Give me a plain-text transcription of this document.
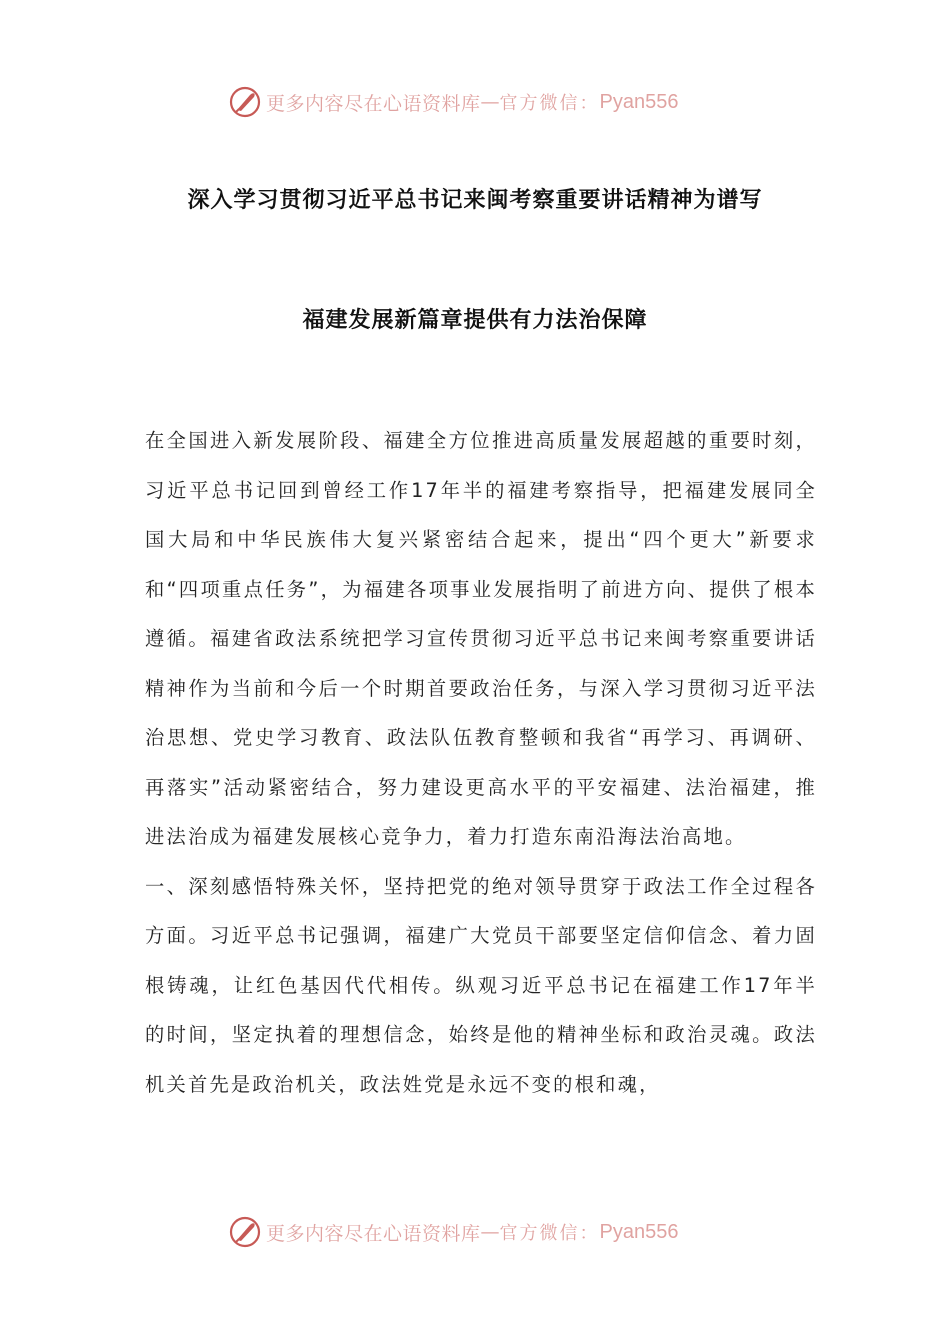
更多内容尽在心语资料库 — 官方微信： Pyan556
深入学习贯彻习近平总书记来闽考察重要讲话精神为谱写
福建发展新篇章提供有力法治保障

在全国进入新发展阶段、福建全方位推进高质量发展超越的重要时刻，习近平总书记回到曾经工作17年半的福建考察指导，把福建发展同全国大局和中华民族伟大复兴紧密结合起来，提出“四个更大”新要求和“四项重点任务”，为福建各项事业发展指明了前进方向、提供了根本遵循。福建省政法系统把学习宣传贯彻习近平总书记来闽考察重要讲话精神作为当前和今后一个时期首要政治任务，与深入学习贯彻习近平法治思想、党史学习教育、政法队伍教育整顿和我省“再学习、再调研、再落实”活动紧密结合，努力建设更高水平的平安福建、法治福建，推进法治成为福建发展核心竞争力，着力打造东南沿海法治高地。

一、深刻感悟特殊关怀，坚持把党的绝对领导贯穿于政法工作全过程各方面。习近平总书记强调，福建广大党员干部要坚定信仰信念、着力固根铸魂，让红色基因代代相传。纵观习近平总书记在福建工作17年半的时间，坚定执着的理想信念，始终是他的精神坐标和政治灵魂。政法机关首先是政治机关，政法姓党是永远不变的根和魂，

更多内容尽在心语资料库 — 官方微信： Pyan556
